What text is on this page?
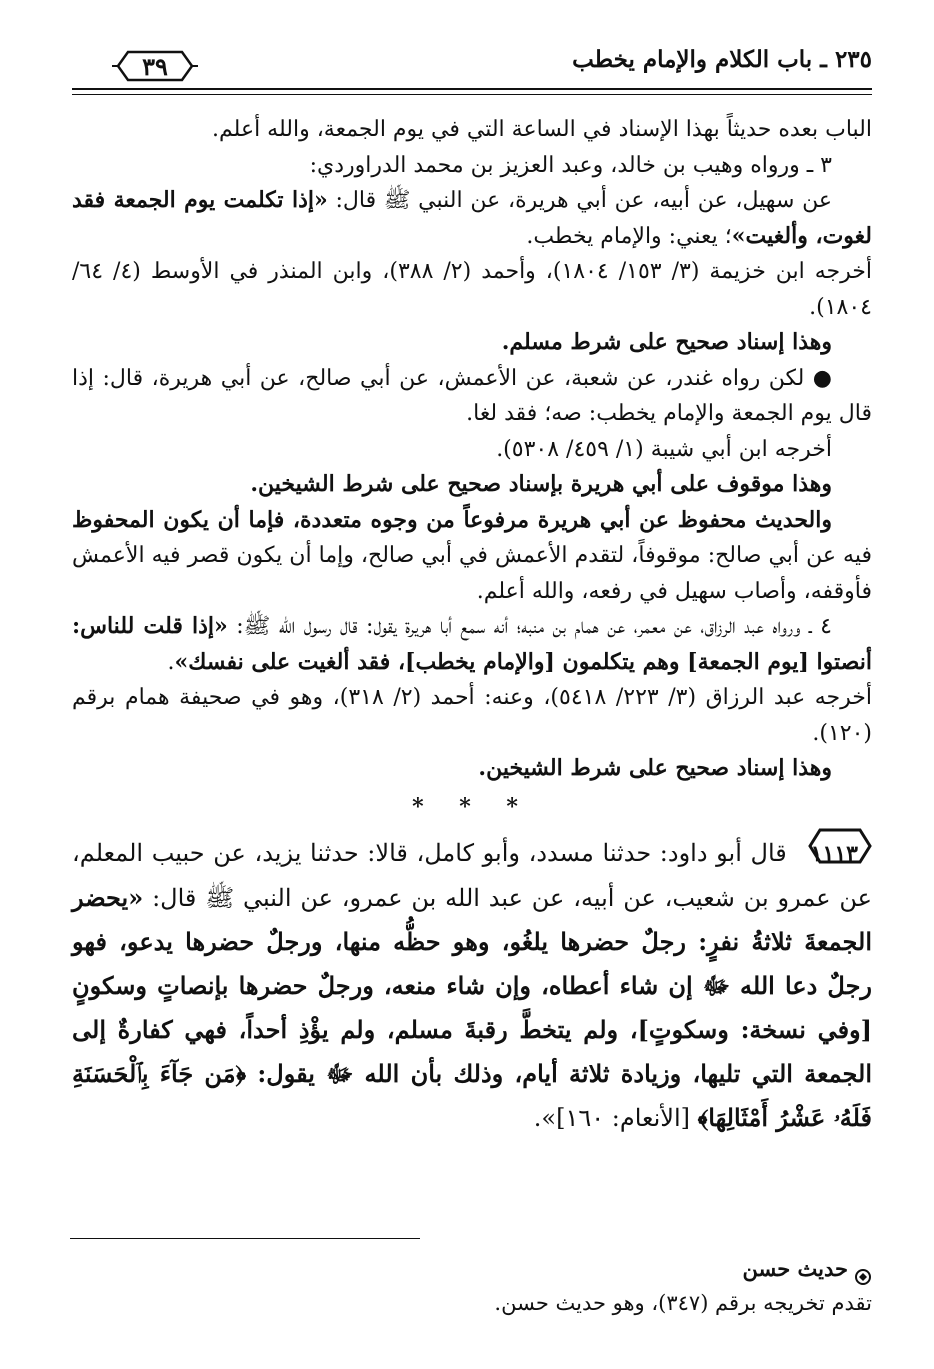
٢٣٥ ـ باب الكلام والإمام يخطب
٣٩

الباب بعده حديثاً بهذا الإسناد في الساعة التي في يوم الجمعة، والله أعلم.

٣ ـ ورواه وهيب بن خالد، وعبد العزيز بن محمد الدراوردي:

عن سهيل، عن أبيه، عن أبي هريرة، عن النبي ﷺ قال: «إذا تكلمت يوم الجمعة فقد لغوت، وألغيت»؛ يعني: والإمام يخطب.

أخرجه ابن خزيمة (٣/ ١٥٣/ ١٨٠٤)، وأحمد (٢/ ٣٨٨)، وابن المنذر في الأوسط (٤/ ٦٤/ ١٨٠٤).

وهذا إسناد صحيح على شرط مسلم.

● لكن رواه غندر، عن شعبة، عن الأعمش، عن أبي صالح، عن أبي هريرة، قال: إذا قال يوم الجمعة والإمام يخطب: صه؛ فقد لغا.

أخرجه ابن أبي شيبة (١/ ٤٥٩/ ٥٣٠٨).

وهذا موقوف على أبي هريرة بإسناد صحيح على شرط الشيخين.

والحديث محفوظ عن أبي هريرة مرفوعاً من وجوه متعددة، فإما أن يكون المحفوظ فيه عن أبي صالح: موقوفاً، لتقدم الأعمش في أبي صالح، وإما أن يكون قصر فيه الأعمش فأوقفه، وأصاب سهيل في رفعه، والله أعلم.

٤ ـ ورواه عبد الرزاق، عن معمر، عن همام بن منبه؛ أنه سمع أبا هريرة يقول: قال رسول الله ﷺ: «إذا قلت للناس: أنصتوا [يوم الجمعة] وهم يتكلمون [والإمام يخطب]، فقد ألغيت على نفسك».

أخرجه عبد الرزاق (٣/ ٢٢٣/ ٥٤١٨)، وعنه: أحمد (٢/ ٣١٨)، وهو في صحيفة همام برقم (١٢٠).

وهذا إسناد صحيح على شرط الشيخين.

* * *

١١١٣قال أبو داود: حدثنا مسدد، وأبو كامل، قالا: حدثنا يزيد، عن حبيب المعلم، عن عمرو بن شعيب، عن أبيه، عن عبد الله بن عمرو، عن النبي ﷺ قال: «يحضر الجمعةَ ثلاثةُ نفرٍ: رجلٌ حضرها يلغُو، وهو حظُّه منها، ورجلٌ حضرها يدعو، فهو رجلٌ دعا الله ﷻ إن شاء أعطاه، وإن شاء منعه، ورجلٌ حضرها بإنصاتٍ وسكونٍ [وفي نسخة: وسكوتٍ]، ولم يتخطَّ رقبةَ مسلم، ولم يؤْذِ أحداً، فهي كفارةٌ إلى الجمعة التي تليها، وزيادة ثلاثة أيام، وذلك بأن الله ﷻ يقول: ﴿مَن جَآءَ بِٱلْحَسَنَةِ فَلَهُۥ عَشْرُ أَمْثَالِهَا﴾ [الأنعام: ١٦٠]».

حديث حسن
تقدم تخريجه برقم (٣٤٧)، وهو حديث حسن.
